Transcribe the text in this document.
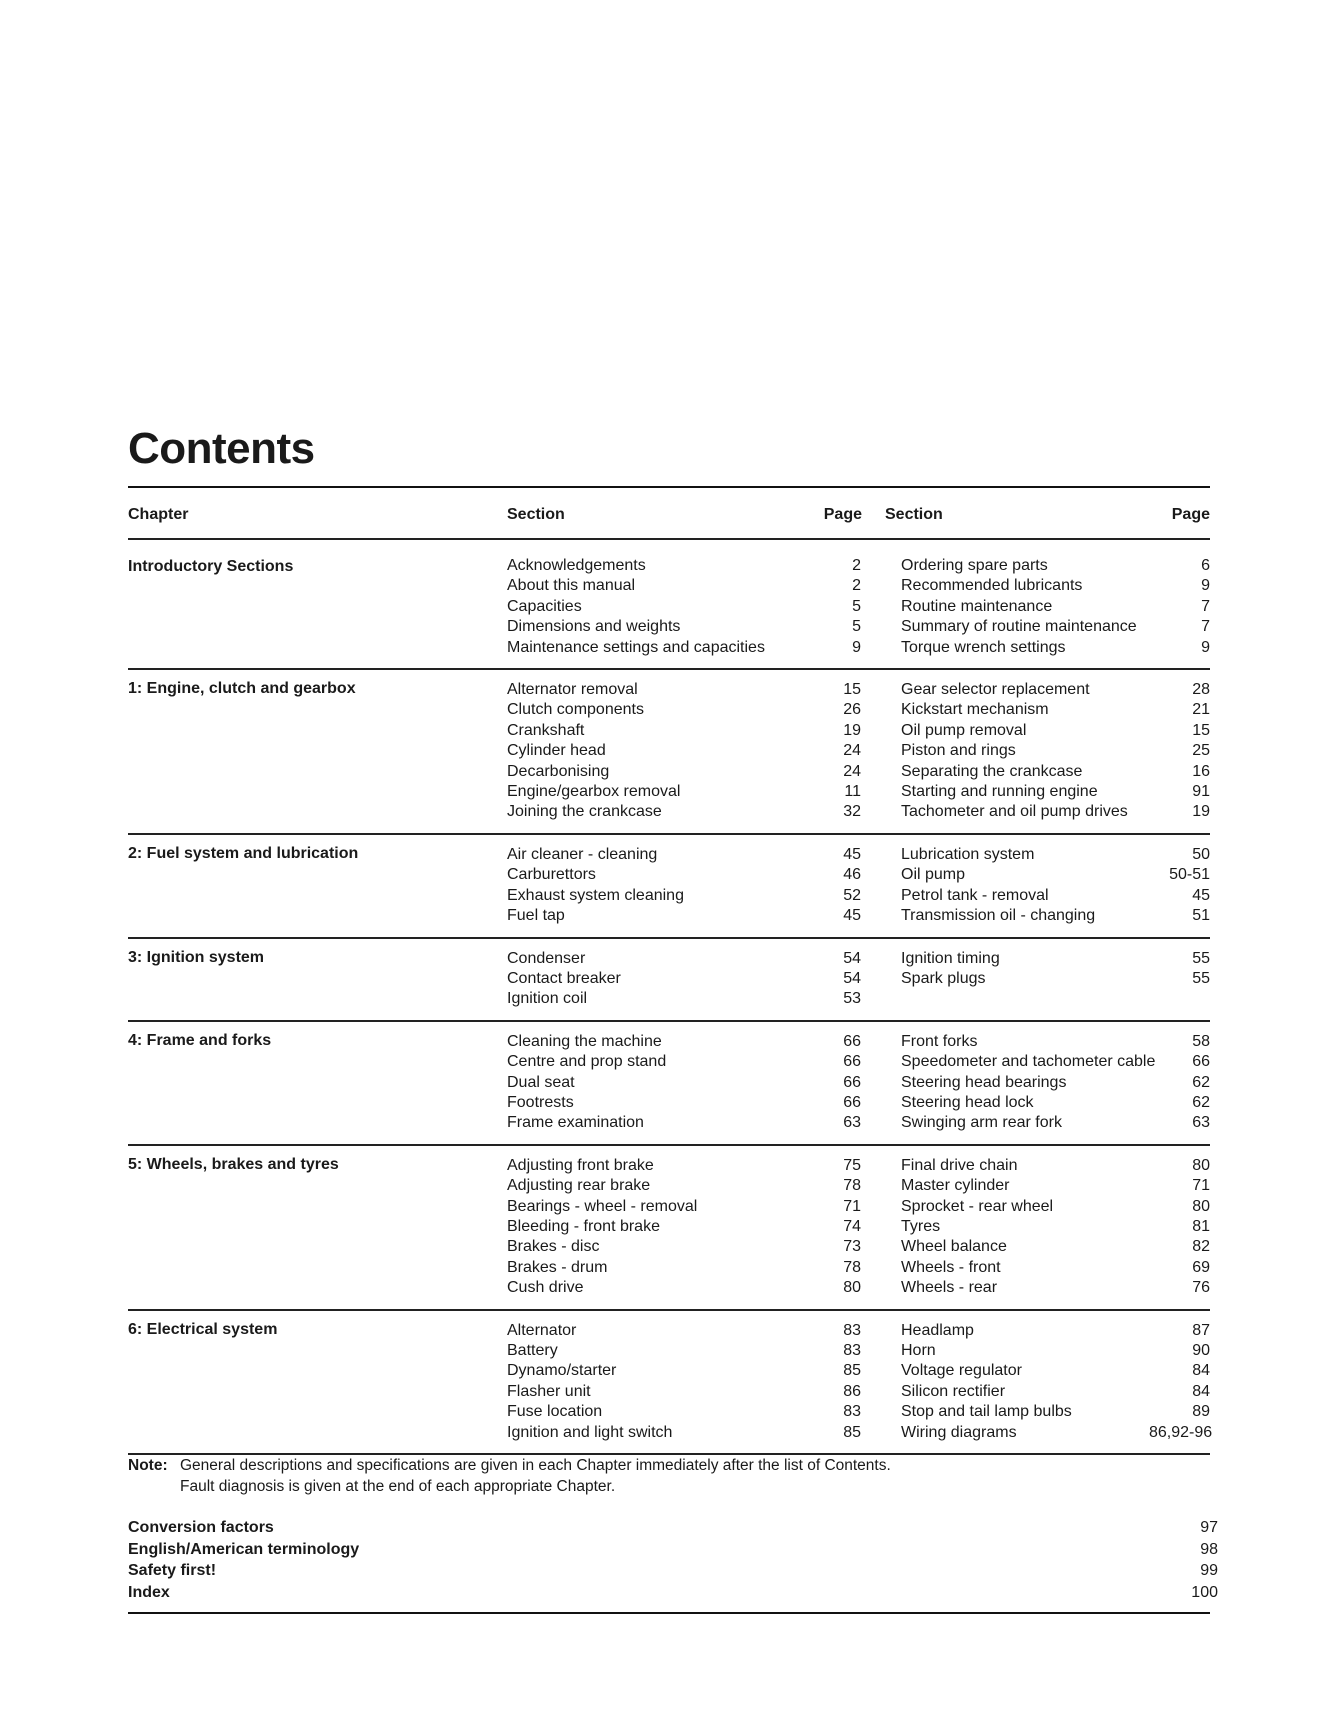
Contents
Chapter	Section	Page Section	Page
Introductory Sections	Acknowledgements	2	Ordering spare parts	6
About this manual	2	Recommended lubricants	9
Capacities	5	Routine maintenance	7
Dimensions and weights	5	Summary of routine maintenance	7
Maintenance settings and capacities	9	Torque wrench settings	9
1: Engine, clutch and gearbox	Alternator removal	15	Gear selector replacement	28
Clutch components	26	Kickstart mechanism	21
Crankshaft	19	Oil pump removal	15
Cylinder head	24	Piston and rings	25
Decarbonising	24	Separating the crankcase	16
Engine/gearbox removal	11	Starting and running engine	91
Joining the crankcase	32	Tachometer and oil pump drives	19
2: Fuel system and lubrication	Air cleaner - cleaning	45	Lubrication system	50
Carburettors	46	Oil pump	50-51
Exhaust system cleaning	52	Petrol tank - removal	45
Fuel tap	45	Transmission oil - changing	51
3: Ignition system	Condenser	54	Ignition timing	55
Contact breaker	54	Spark plugs	55
Ignition coil	53
4: Frame and forks	Cleaning the machine	66	Front forks	58
Centre and prop stand	66	Speedometer and tachometer cable	66
Dual seat	66	Steering head bearings	62
Footrests	66	Steering head lock	62
Frame examination	63	Swinging arm rear fork	63
5: Wheels, brakes and tyres	Adjusting front brake	75	Final drive chain	80
Adjusting rear brake	78	Master cylinder	71
Bearings - wheel - removal	71	Sprocket - rear wheel	80
Bleeding - front brake	74	Tyres	81
Brakes - disc	73	Wheel balance	82
Brakes - drum	78	Wheels - front	69
Cush drive	80	Wheels - rear	76
6: Electrical system	Alternator	83	Headlamp	87
Battery	83	Horn	90
Dynamo/starter	85	Voltage regulator	84
Flasher unit	86	Silicon rectifier	84
Fuse location	83	Stop and tail lamp bulbs	89
Ignition and light switch	85	Wiring diagrams	86,92-96
Note: General descriptions and specifications are given in each Chapter immediately after the list of Contents.
Fault diagnosis is given at the end of each appropriate Chapter.
Conversion factors	97
English/American terminology	98
Safety first!	99
Index	100
